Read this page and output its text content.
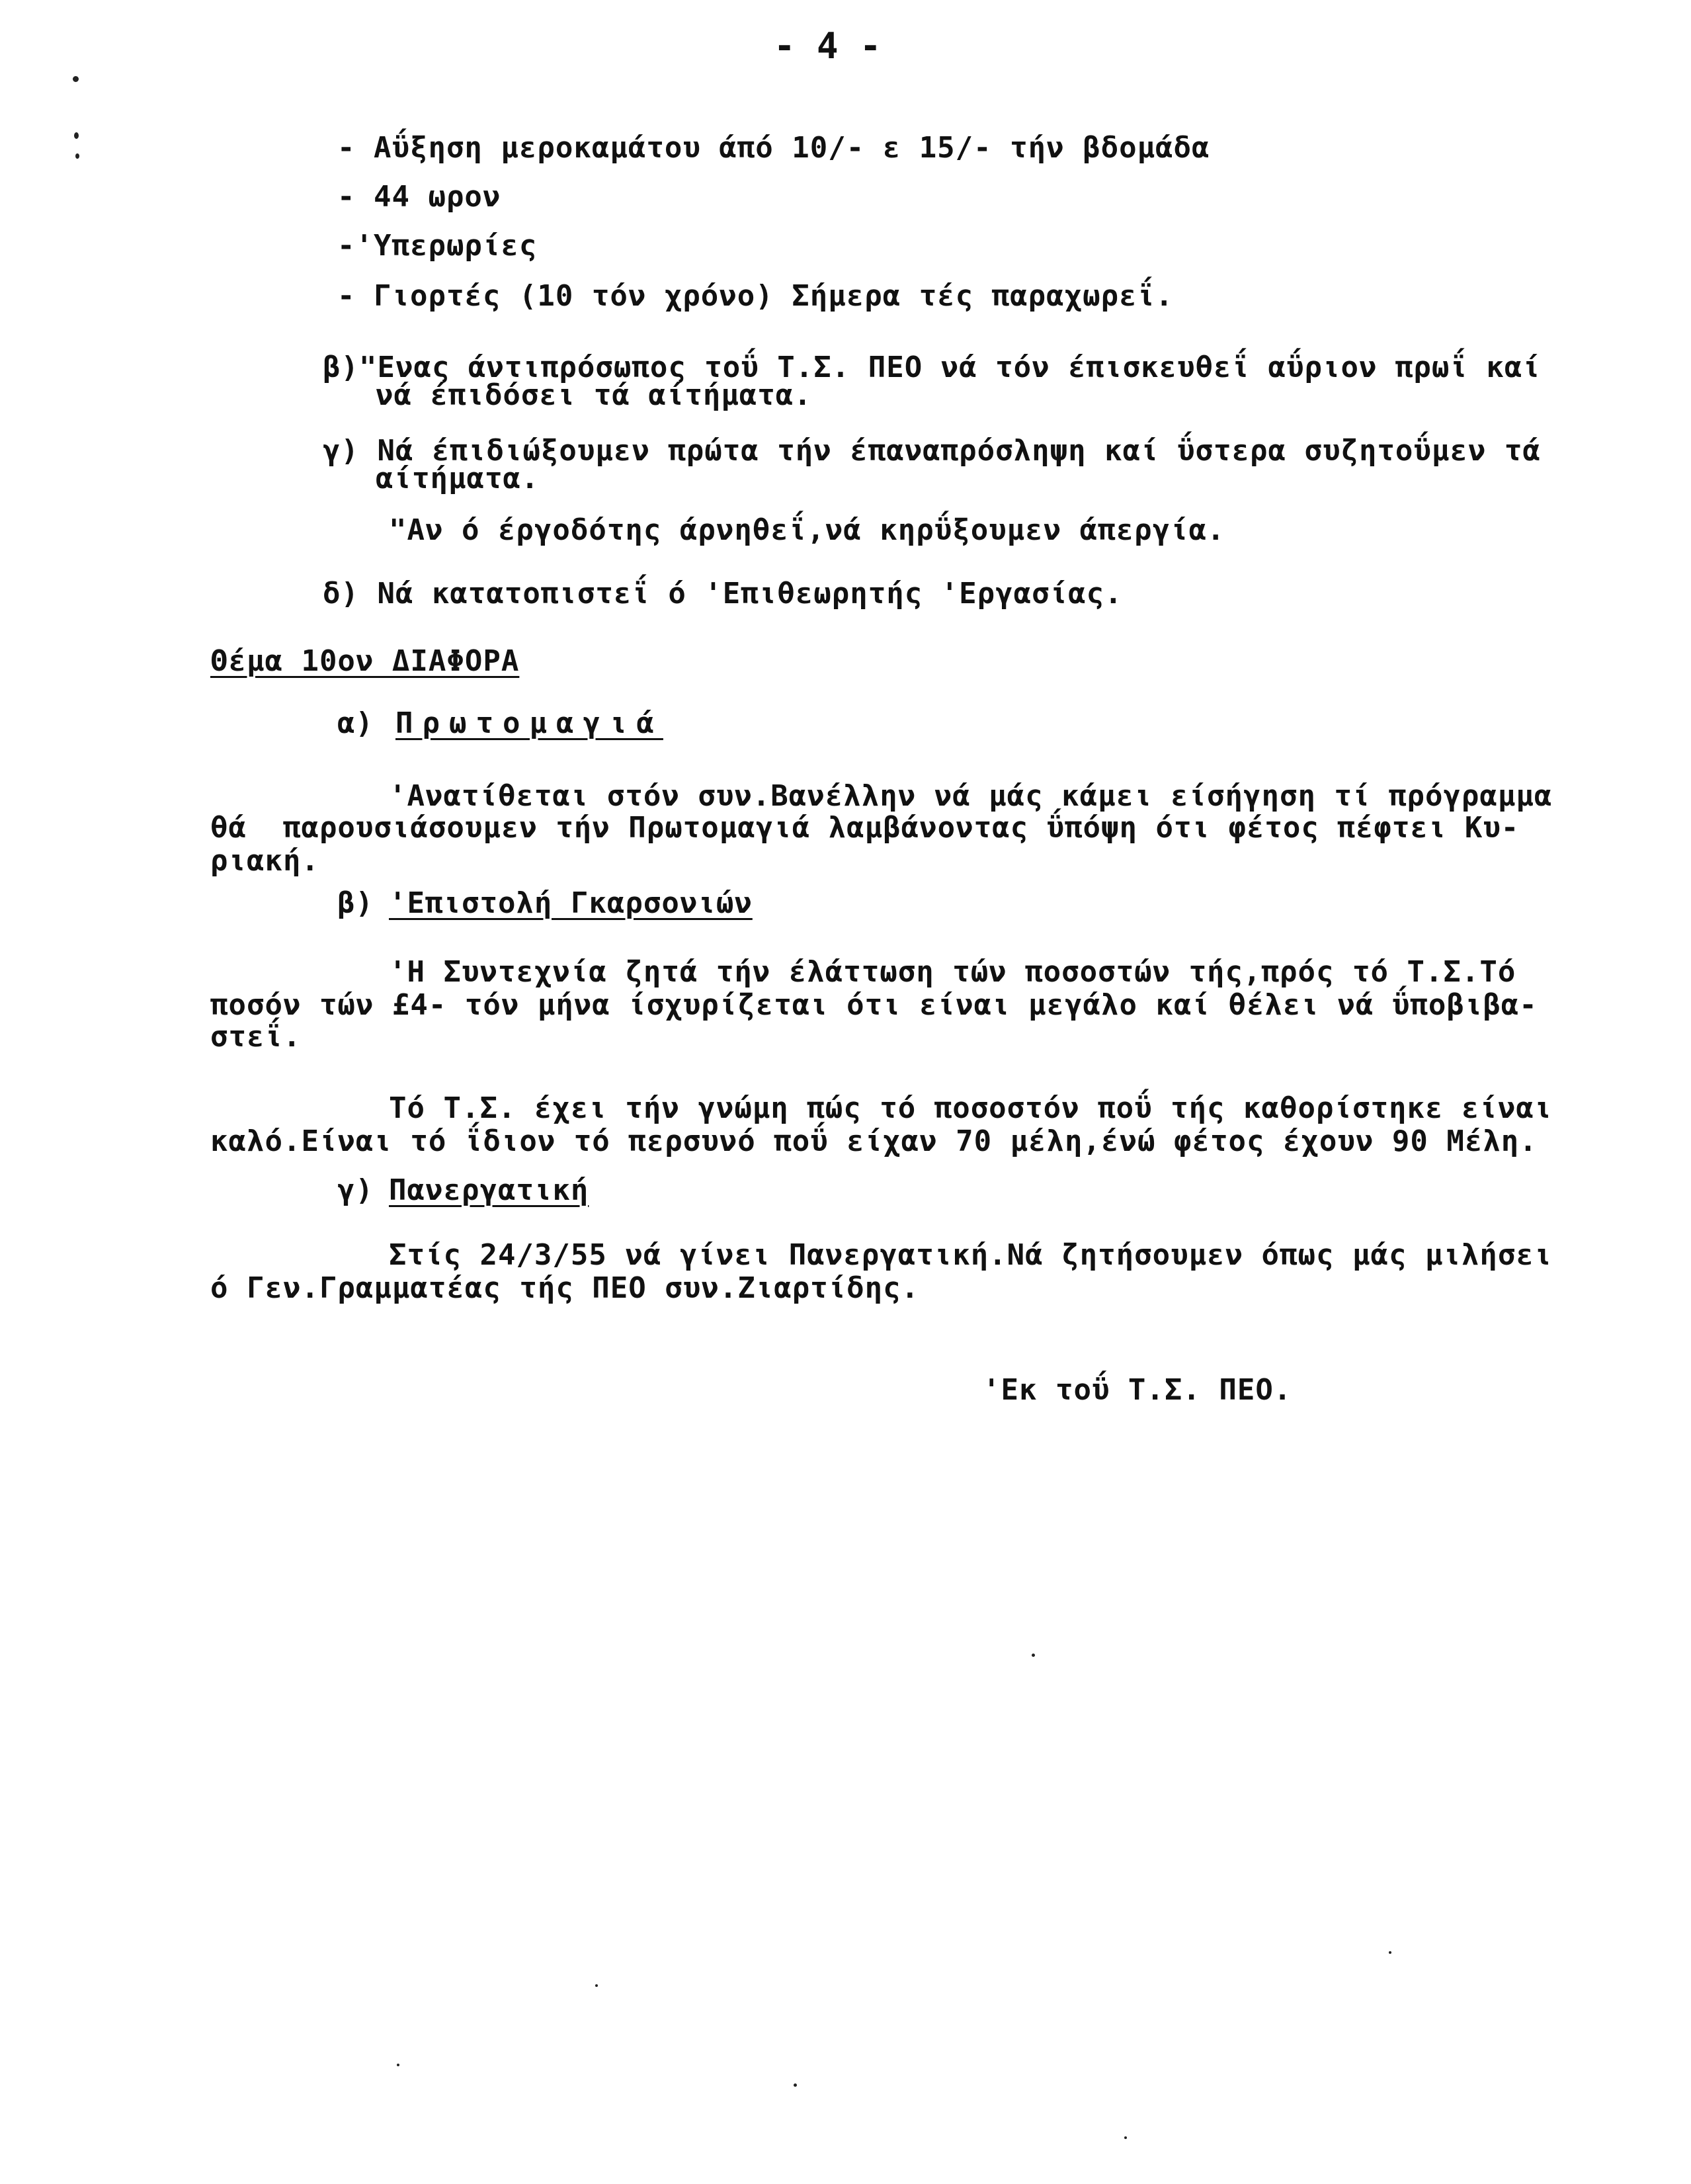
- 4 -
- Αΰξηση μεροκαμάτου άπό 10/- ε 15/- τήν βδομάδα
- 44 ωρον
-'Υπερωρίες
- Γιορτές (10 τόν χρόνο) Σήμερα τές παραχωρεΐ.
β)"Ενας άντιπρόσωπος τοΰ Τ.Σ. ΠΕΟ νά τόν έπισκευθεΐ αΰριον πρωΐ καί
νά έπιδόσει τά αίτήματα.
γ) Νά έπιδιώξουμεν πρώτα τήν έπαναπρόσληψη καί ΰστερα συζητοΰμεν τά
αίτήματα.
"Αν ό έργοδότης άρνηθεΐ,νά κηρΰξουμεν άπεργία.
δ) Νά κατατοπιστεΐ ό 'Επιθεωρητής 'Εργασίας.
Θέμα 10ον ΔΙΑΦΟΡΑ
α) Πρωτομαγιά
'Ανατίθεται στόν συν.Βανέλλην νά μάς κάμει είσήγηση τί πρόγραμμα
θά  παρουσιάσουμεν τήν Πρωτομαγιά λαμβάνοντας ΰπόψη ότι φέτος πέφτει Κυ-
ριακή.
β) 'Επιστολή Γκαρσονιών
'Η Συντεχνία ζητά τήν έλάττωση τών ποσοστών τής,πρός τό Τ.Σ.Τό
ποσόν τών £4- τόν μήνα ίσχυρίζεται ότι είναι μεγάλο καί θέλει νά ΰποβιβα-
στεΐ.
Τό Τ.Σ. έχει τήν γνώμη πώς τό ποσοστόν ποΰ τής καθορίστηκε είναι
καλό.Είναι τό ΐδιον τό περσυνό ποΰ είχαν 70 μέλη,ένώ φέτος έχουν 90 Μέλη.
γ) Πανεργατική
Στίς 24/3/55 νά γίνει Πανεργατική.Νά ζητήσουμεν όπως μάς μιλήσει
ό Γεν.Γραμματέας τής ΠΕΟ συν.Ζιαρτίδης.
'Εκ τοΰ Τ.Σ. ΠΕΟ.
